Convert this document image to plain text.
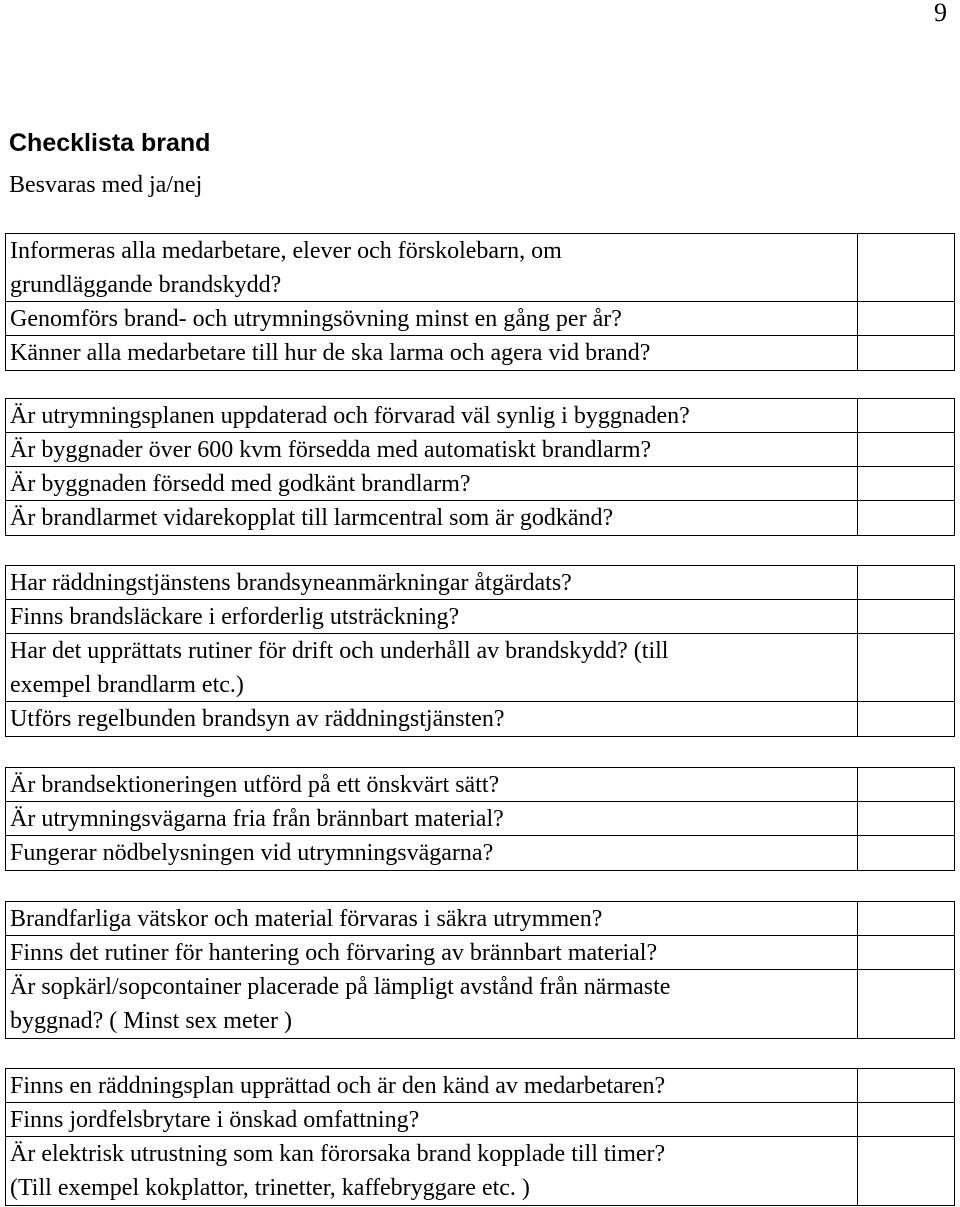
9
Checklista brand
Besvaras med ja/nej
Informeras alla medarbetare, elever och förskolebarn, om
grundläggande brandskydd?
Genomförs brand- och utrymningsövning minst en gång per år?
Känner alla medarbetare till hur de ska larma och agera vid brand?
Är utrymningsplanen uppdaterad och förvarad väl synlig i byggnaden?
Är byggnader över 600 kvm försedda med automatiskt brandlarm?
Är byggnaden försedd med godkänt brandlarm?
Är brandlarmet vidarekopplat till larmcentral som är godkänd?
Har räddningstjänstens brandsyneanmärkningar åtgärdats?
Finns brandsläckare i erforderlig utsträckning?
Har det upprättats rutiner för drift och underhåll av brandskydd? (till
exempel brandlarm etc.)
Utförs regelbunden brandsyn av räddningstjänsten?
Är brandsektioneringen utförd på ett önskvärt sätt?
Är utrymningsvägarna fria från brännbart material?
Fungerar nödbelysningen vid utrymningsvägarna?
Brandfarliga vätskor och material förvaras i säkra utrymmen?
Finns det rutiner för hantering och förvaring av brännbart material?
Är sopkärl/sopcontainer placerade på lämpligt avstånd från närmaste
byggnad? ( Minst sex meter )
Finns en räddningsplan upprättad och är den känd av medarbetaren?
Finns jordfelsbrytare i önskad omfattning?
Är elektrisk utrustning som kan förorsaka brand kopplade till timer?
(Till exempel kokplattor, trinetter, kaffebryggare etc. )
